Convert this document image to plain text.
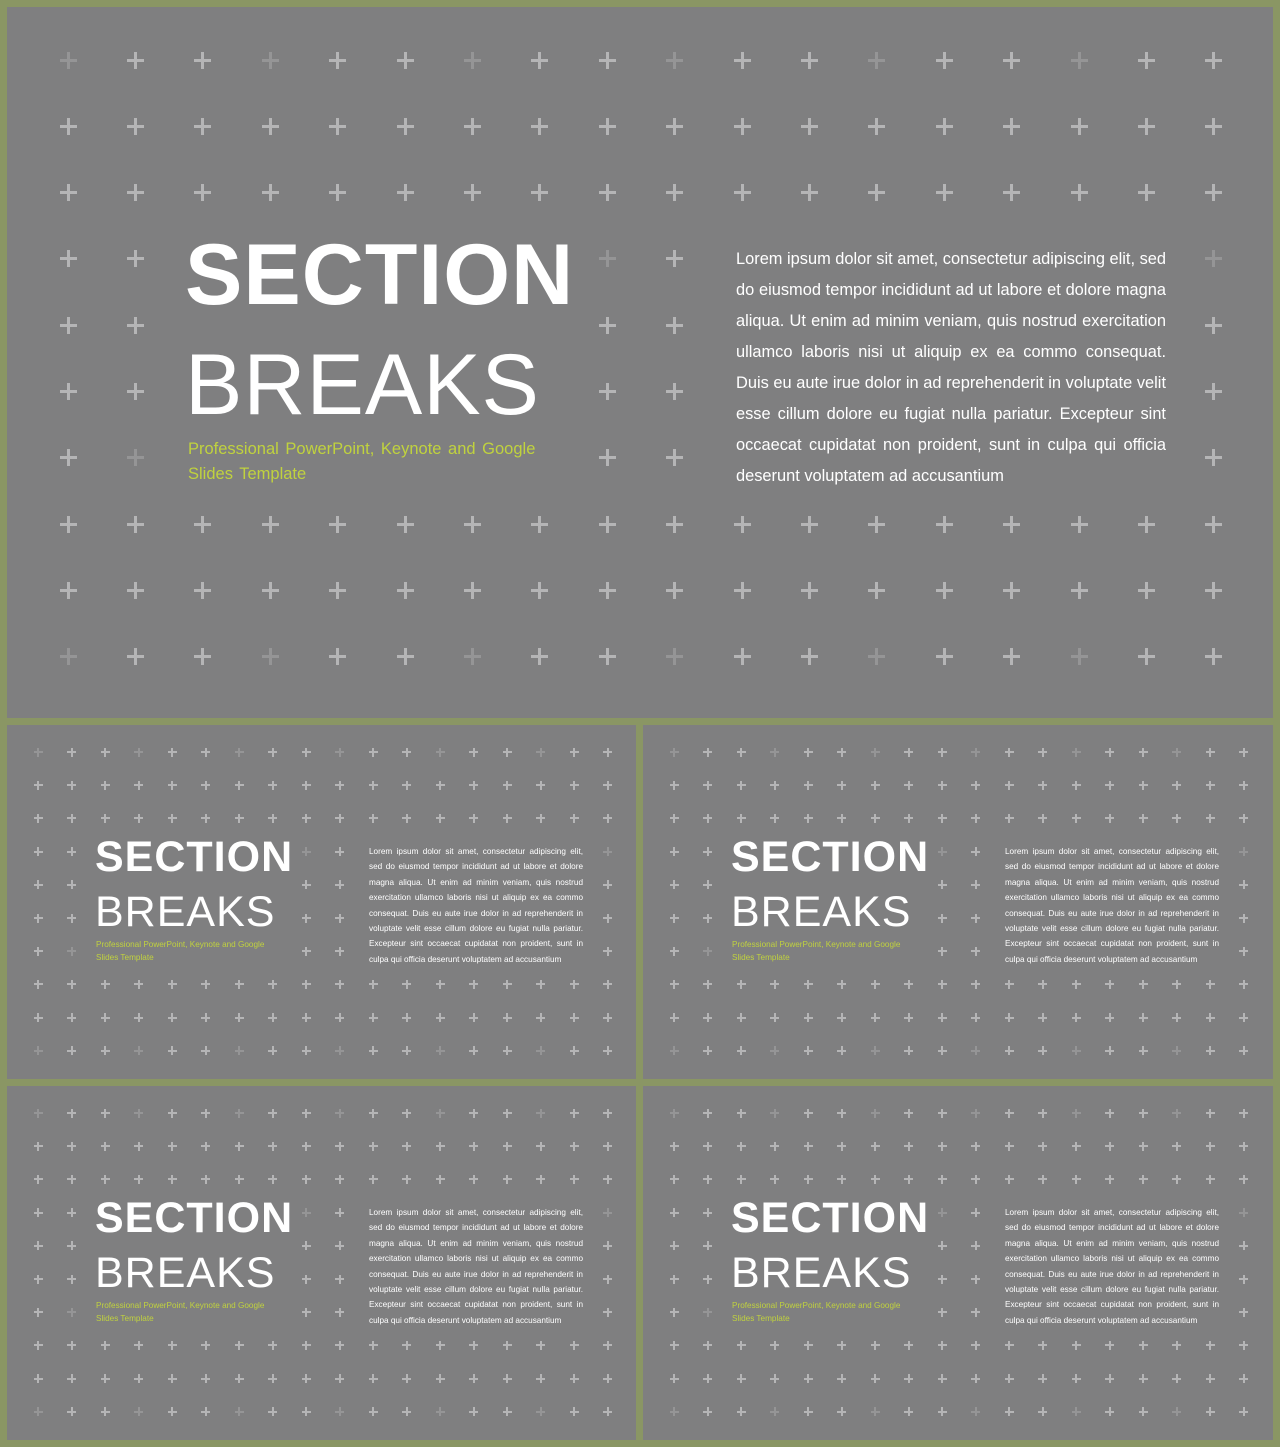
SECTION
BREAKS

Professional PowerPoint, Keynote and Google Slides Template

Lorem ipsum dolor sit amet, consectetur adipiscing elit, sed do eiusmod tempor incididunt ad ut labore et dolore magna aliqua. Ut enim ad minim veniam, quis nostrud exercitation ullamco laboris nisi ut aliquip ex ea commo consequat. Duis eu aute irue dolor in ad reprehenderit in voluptate velit esse cillum dolore eu fugiat nulla pariatur. Excepteur sint occaecat cupidatat non proident, sunt in culpa qui officia deserunt voluptatem ad accusantium

SECTION
BREAKS

Professional PowerPoint, Keynote and Google Slides Template

Lorem ipsum dolor sit amet, consectetur adipiscing elit, sed do eiusmod tempor incididunt ad ut labore et dolore magna aliqua. Ut enim ad minim veniam, quis nostrud exercitation ullamco laboris nisi ut aliquip ex ea commo consequat. Duis eu aute irue dolor in ad reprehenderit in voluptate velit esse cillum dolore eu fugiat nulla pariatur. Excepteur sint occaecat cupidatat non proident, sunt in culpa qui officia deserunt voluptatem ad accusantium

SECTION
BREAKS

Professional PowerPoint, Keynote and Google Slides Template

Lorem ipsum dolor sit amet, consectetur adipiscing elit, sed do eiusmod tempor incididunt ad ut labore et dolore magna aliqua. Ut enim ad minim veniam, quis nostrud exercitation ullamco laboris nisi ut aliquip ex ea commo consequat. Duis eu aute irue dolor in ad reprehenderit in voluptate velit esse cillum dolore eu fugiat nulla pariatur. Excepteur sint occaecat cupidatat non proident, sunt in culpa qui officia deserunt voluptatem ad accusantium

SECTION
BREAKS

Professional PowerPoint, Keynote and Google Slides Template

Lorem ipsum dolor sit amet, consectetur adipiscing elit, sed do eiusmod tempor incididunt ad ut labore et dolore magna aliqua. Ut enim ad minim veniam, quis nostrud exercitation ullamco laboris nisi ut aliquip ex ea commo consequat. Duis eu aute irue dolor in ad reprehenderit in voluptate velit esse cillum dolore eu fugiat nulla pariatur. Excepteur sint occaecat cupidatat non proident, sunt in culpa qui officia deserunt voluptatem ad accusantium

SECTION
BREAKS

Professional PowerPoint, Keynote and Google Slides Template

Lorem ipsum dolor sit amet, consectetur adipiscing elit, sed do eiusmod tempor incididunt ad ut labore et dolore magna aliqua. Ut enim ad minim veniam, quis nostrud exercitation ullamco laboris nisi ut aliquip ex ea commo consequat. Duis eu aute irue dolor in ad reprehenderit in voluptate velit esse cillum dolore eu fugiat nulla pariatur. Excepteur sint occaecat cupidatat non proident, sunt in culpa qui officia deserunt voluptatem ad accusantium
